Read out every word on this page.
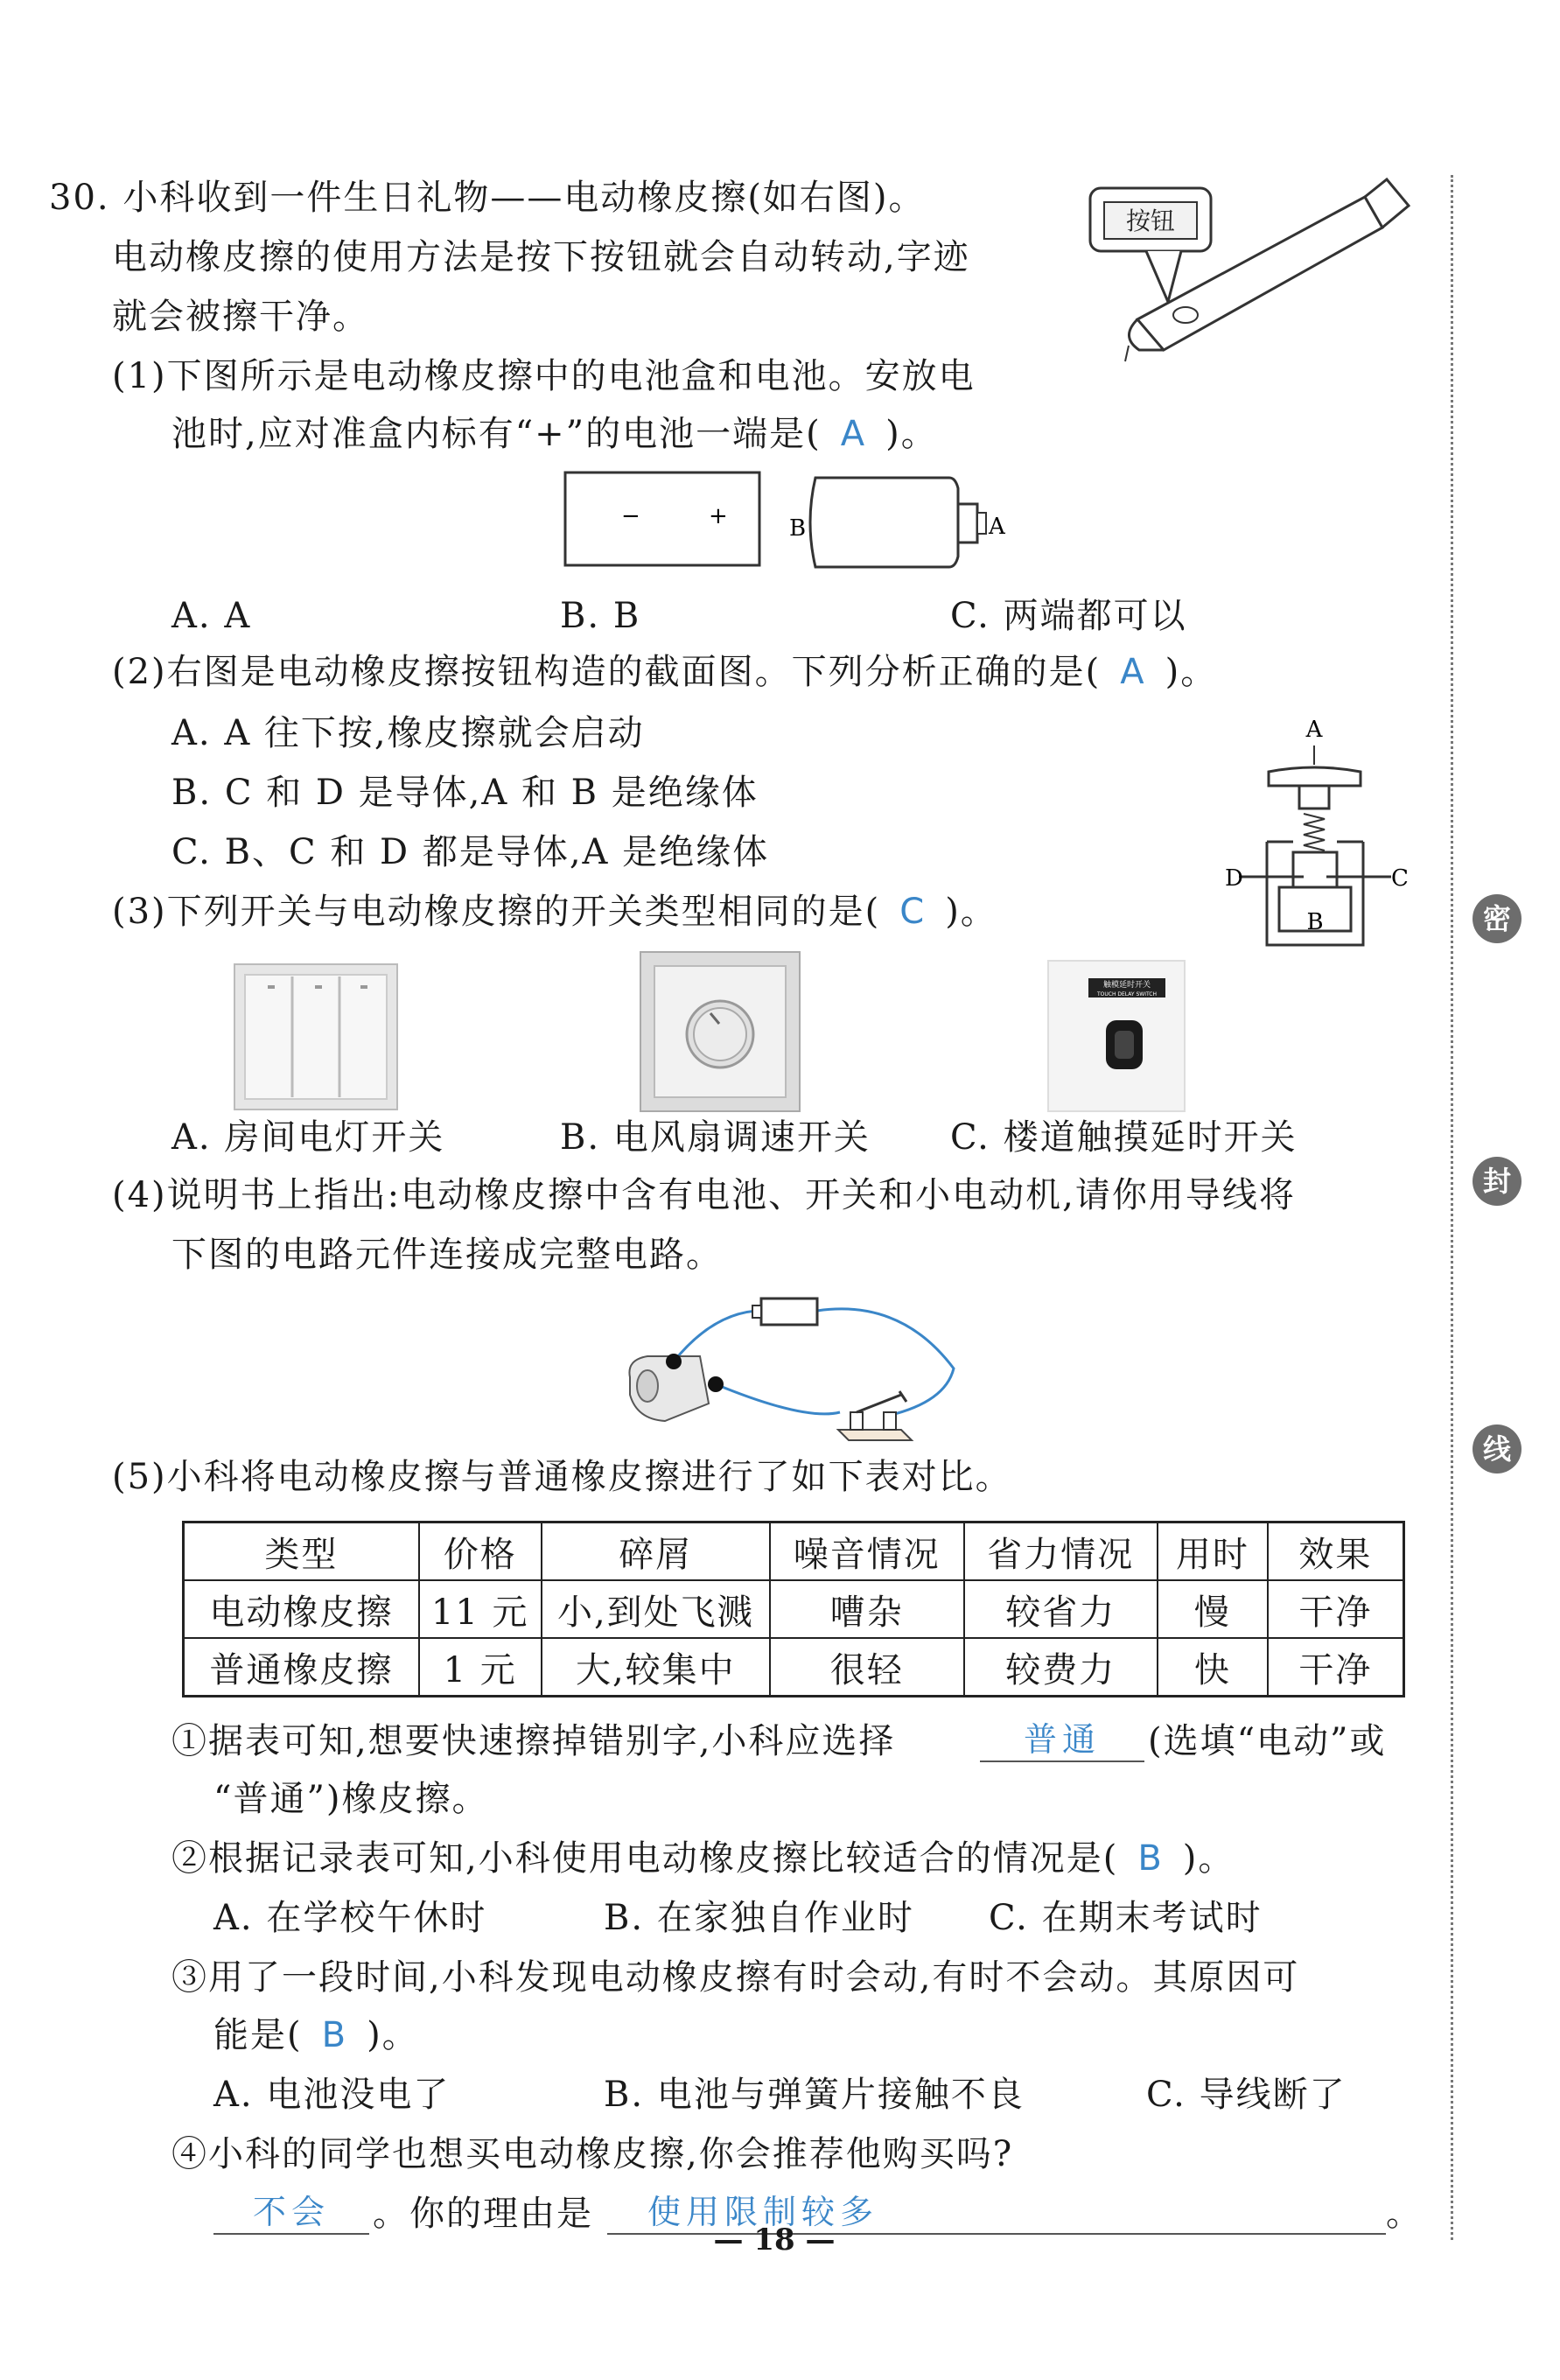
30. 小科收到一件生日礼物——电动橡皮擦(如右图)。
电动橡皮擦的使用方法是按下按钮就会自动转动,字迹
就会被擦干净。
按钮
(1)下图所示是电动橡皮擦中的电池盒和电池。安放电
池时,应对准盒内标有“+”的电池一端是( A )。
−	+	B	A
A. A	B. B	C. 两端都可以
(2)右图是电动橡皮擦按钮构造的截面图。下列分析正确的是( A )。
A. A 往下按,橡皮擦就会启动
B. C 和 D 是导体,A 和 B 是绝缘体
C. B、C 和 D 都是导体,A 是绝缘体
A
D	C
B
(3)下列开关与电动橡皮擦的开关类型相同的是( C )。
触模延时开关
TOUCH DELAY SWITCH
A. 房间电灯开关	B. 电风扇调速开关 C. 楼道触摸延时开关
(4)说明书上指出:电动橡皮擦中含有电池、开关和小电动机,请你用导线将
下图的电路元件连接成完整电路。
(5)小科将电动橡皮擦与普通橡皮擦进行了如下表对比。
类型	价格	碎屑	噪音情况	省力情况	用时	效果
电动橡皮擦	11 元	小,到处飞溅	嘈杂	较省力	慢	干净
普通橡皮擦	1 元	大,较集中	很轻	较费力	快	干净
①据表可知,想要快速擦掉错别字,小科应选择	普通	(选填“电动”或
“普通”)橡皮擦。
②根据记录表可知,小科使用电动橡皮擦比较适合的情况是( B )。
A. 在学校午休时	B. 在家独自作业时 C. 在期末考试时
③用了一段时间,小科发现电动橡皮擦有时会动,有时不会动。其原因可
能是( B )。
A. 电池没电了	B. 电池与弹簧片接触不良	C. 导线断了
④小科的同学也想买电动橡皮擦,你会推荐他购买吗?
不会	。你的理由是 使用限制较多	。
密
封
线
— 18 —
